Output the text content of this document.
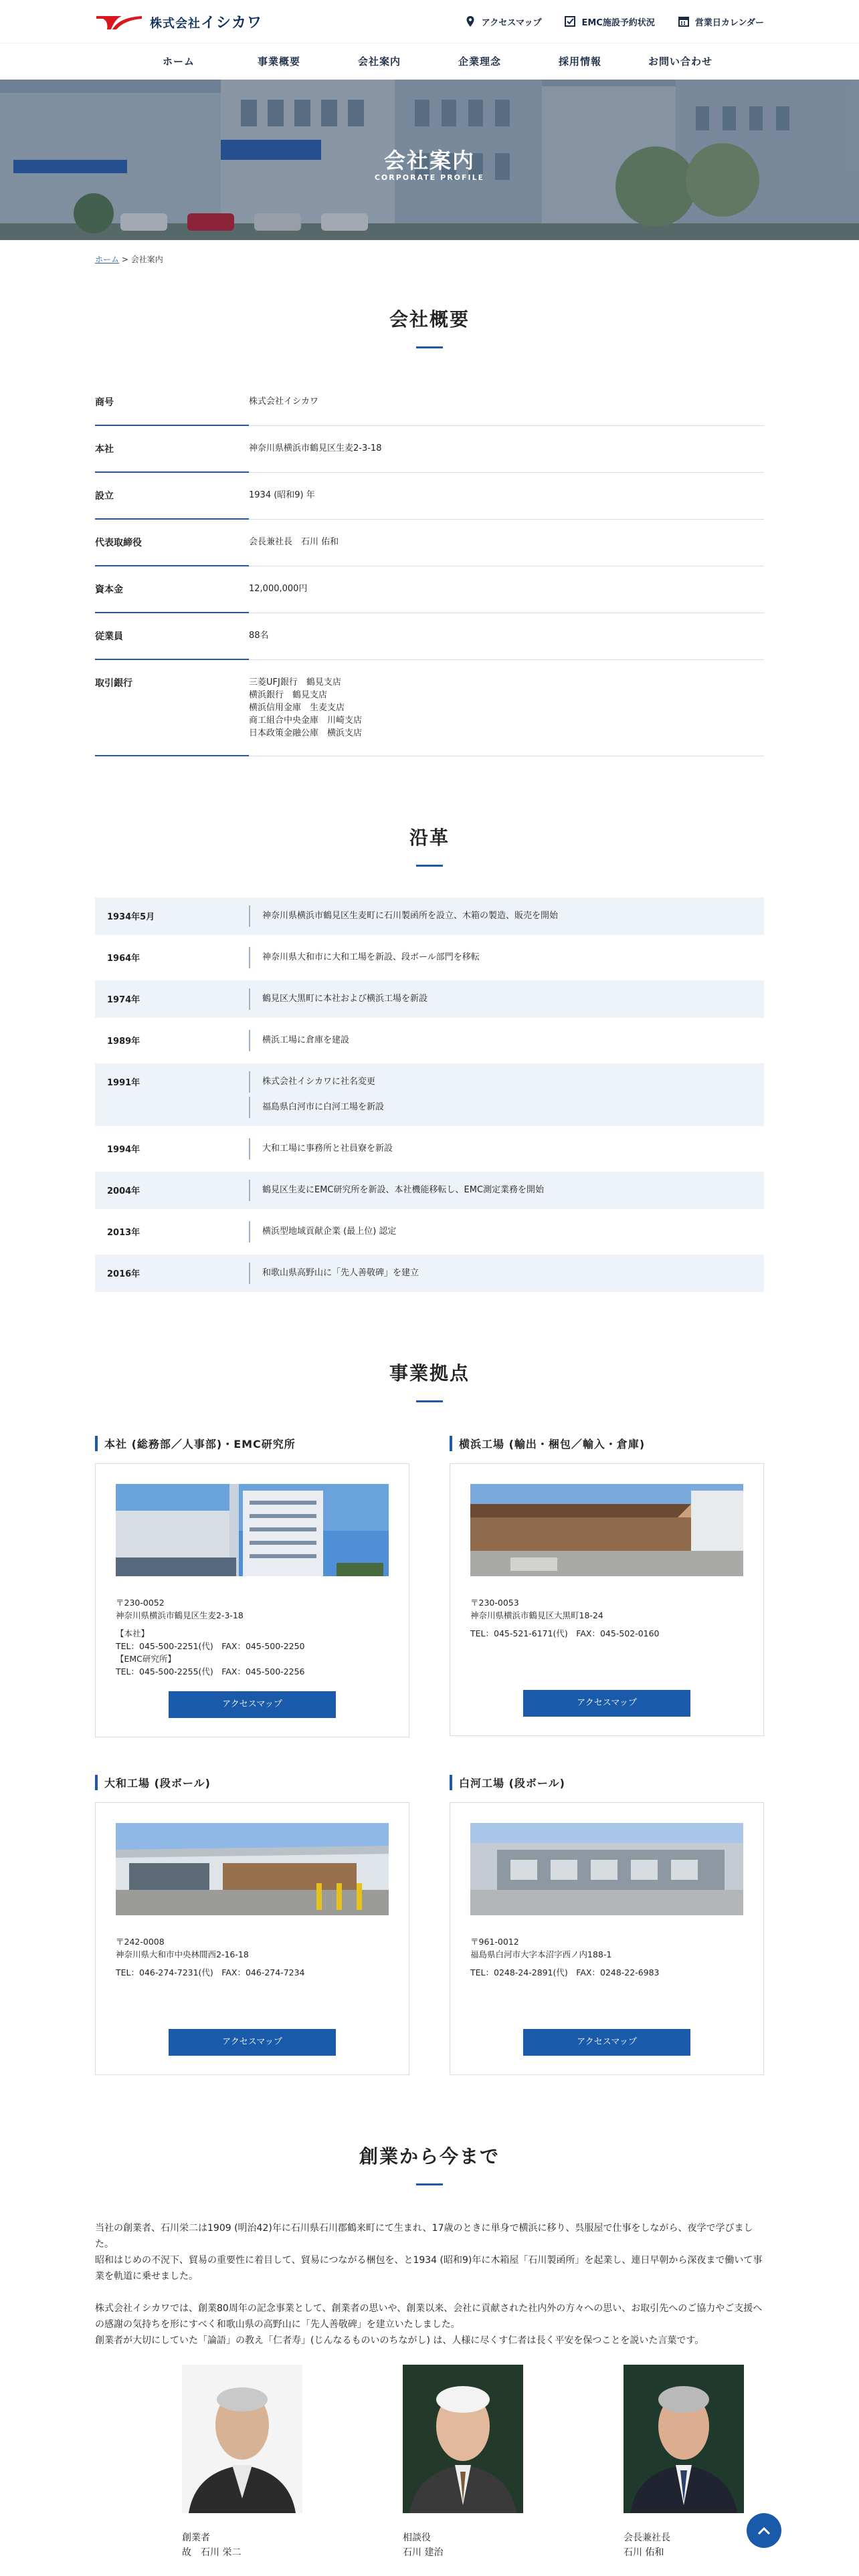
株式会社イシカワ	アクセスマップ	EMC施設予約状況	営業日カレンダー
ホーム	事業概要	会社案内	企業理念	採用情報	お問い合わせ
会社案内
CORPORATE PROFILE
ホーム > 会社案内
会社概要
商号	株式会社イシカワ
本社	神奈川県横浜市鶴見区生麦2-3-18
設立	1934 (昭和9) 年
代表取締役	会長兼社長　石川 佑和
資本金	12,000,000円
従業員	88名
取引銀行	三菱UFJ銀行　鶴見支店
横浜銀行　鶴見支店
横浜信用金庫　生麦支店
商工組合中央金庫　川崎支店
日本政策金融公庫　横浜支店
沿革
1934年5月	神奈川県横浜市鶴見区生麦町に石川製函所を設立、木箱の製造、販売を開始
1964年	神奈川県大和市に大和工場を新設、段ボール部門を移転
1974年	鶴見区大黒町に本社および横浜工場を新設
1989年	横浜工場に倉庫を建設
1991年	株式会社イシカワに社名変更
福島県白河市に白河工場を新設
1994年	大和工場に事務所と社員寮を新設
2004年	鶴見区生麦にEMC研究所を新設、本社機能移転し、EMC測定業務を開始
2013年	横浜型地域貢献企業 (最上位) 認定
2016年	和歌山県高野山に「先人善敬碑」を建立
事業拠点
本社 (総務部／人事部)・EMC研究所
〒230-0052
神奈川県横浜市鶴見区生麦2-3-18
【本社】
TEL：045-500-2251(代)　FAX：045-500-2250
【EMC研究所】
TEL：045-500-2255(代)　FAX：045-500-2256
アクセスマップ
横浜工場 (輸出・梱包／輸入・倉庫)
〒230-0053
神奈川県横浜市鶴見区大黒町18-24
TEL：045-521-6171(代)　FAX：045-502-0160
アクセスマップ
大和工場 (段ボール)
〒242-0008
神奈川県大和市中央林間西2-16-18
TEL：046-274-7231(代)　FAX：046-274-7234
アクセスマップ
白河工場 (段ボール)
〒961-0012
福島県白河市大字本沼字西ノ内188-1
TEL：0248-24-2891(代)　FAX：0248-22-6983
アクセスマップ
創業から今まで

当社の創業者、石川栄二は1909 (明治42)年に石川県石川郡鶴来町にて生まれ、17歳のときに単身で横浜に移り、呉服屋で仕事をしながら、夜学で学びました。
昭和はじめの不況下、貿易の重要性に着目して、貿易につながる梱包を、と1934 (昭和9)年に木箱屋「石川製函所」を起業し、連日早朝から深夜まで働いて事業を軌道に乗せました。

株式会社イシカワでは、創業80周年の記念事業として、創業者の思いや、創業以来、会社に貢献された社内外の方々への思い、お取引先へのご協力やご支援への感謝の気持ちを形にすべく和歌山県の高野山に「先人善敬碑」を建立いたしました。
創業者が大切にしていた「論語」の教え「仁者寿」(じんなるものいのちながし) は、人様に尽くす仁者は長く平安を保つことを説いた言葉です。

創業者
故　石川 栄二
相談役
石川 建治
会長兼社長
石川 佑和
